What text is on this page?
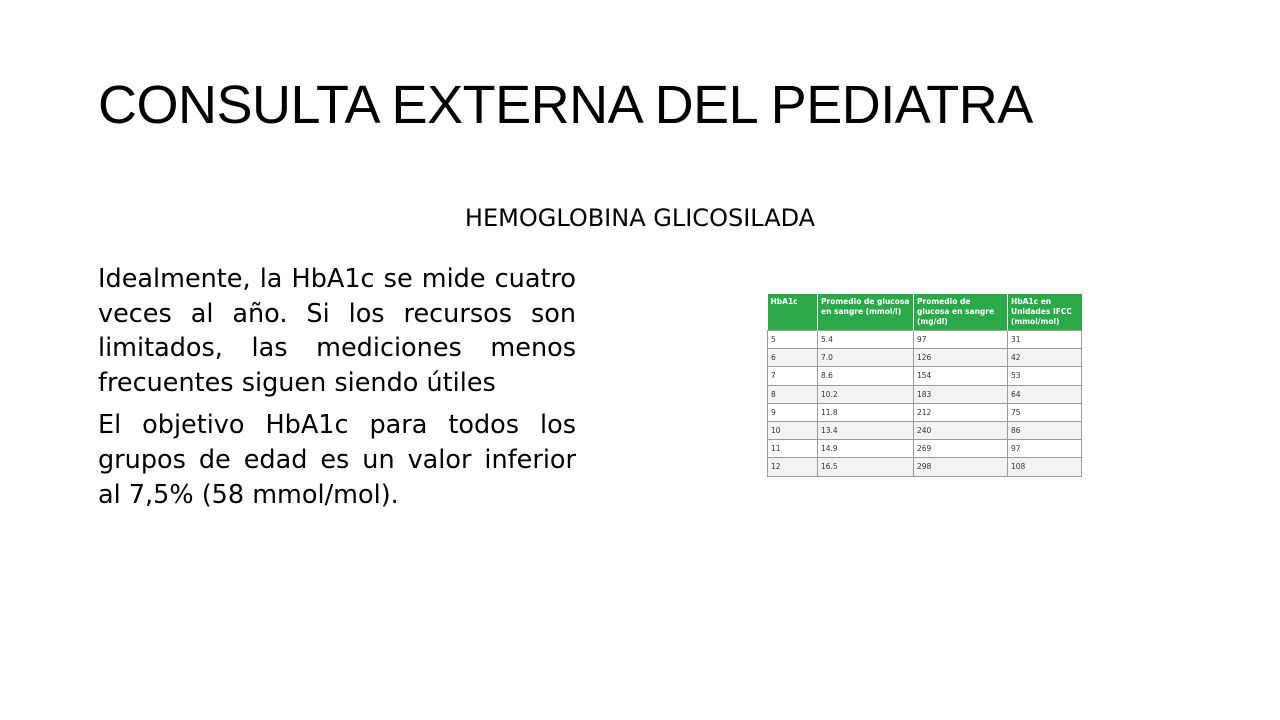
CONSULTA EXTERNA DEL PEDIATRA
HEMOGLOBINA GLICOSILADA

Idealmente, la HbA1c se mide cuatro veces al año. Si los recursos son limitados, las mediciones menos frecuentes siguen siendo útiles

El objetivo HbA1c para todos los grupos de edad es un valor inferior al 7,5% (58 mmol/mol).

HbA1c	Promedio de glucosa en sangre (mmol/l)	Promedio de glucosa en sangre (mg/dl)	HbA1c en Unidades IFCC (mmol/mol)
5	5.4	97	31
6	7.0	126	42
7	8.6	154	53
8	10.2	183	64
9	11.8	212	75
10	13.4	240	86
11	14.9	269	97
12	16.5	298	108
